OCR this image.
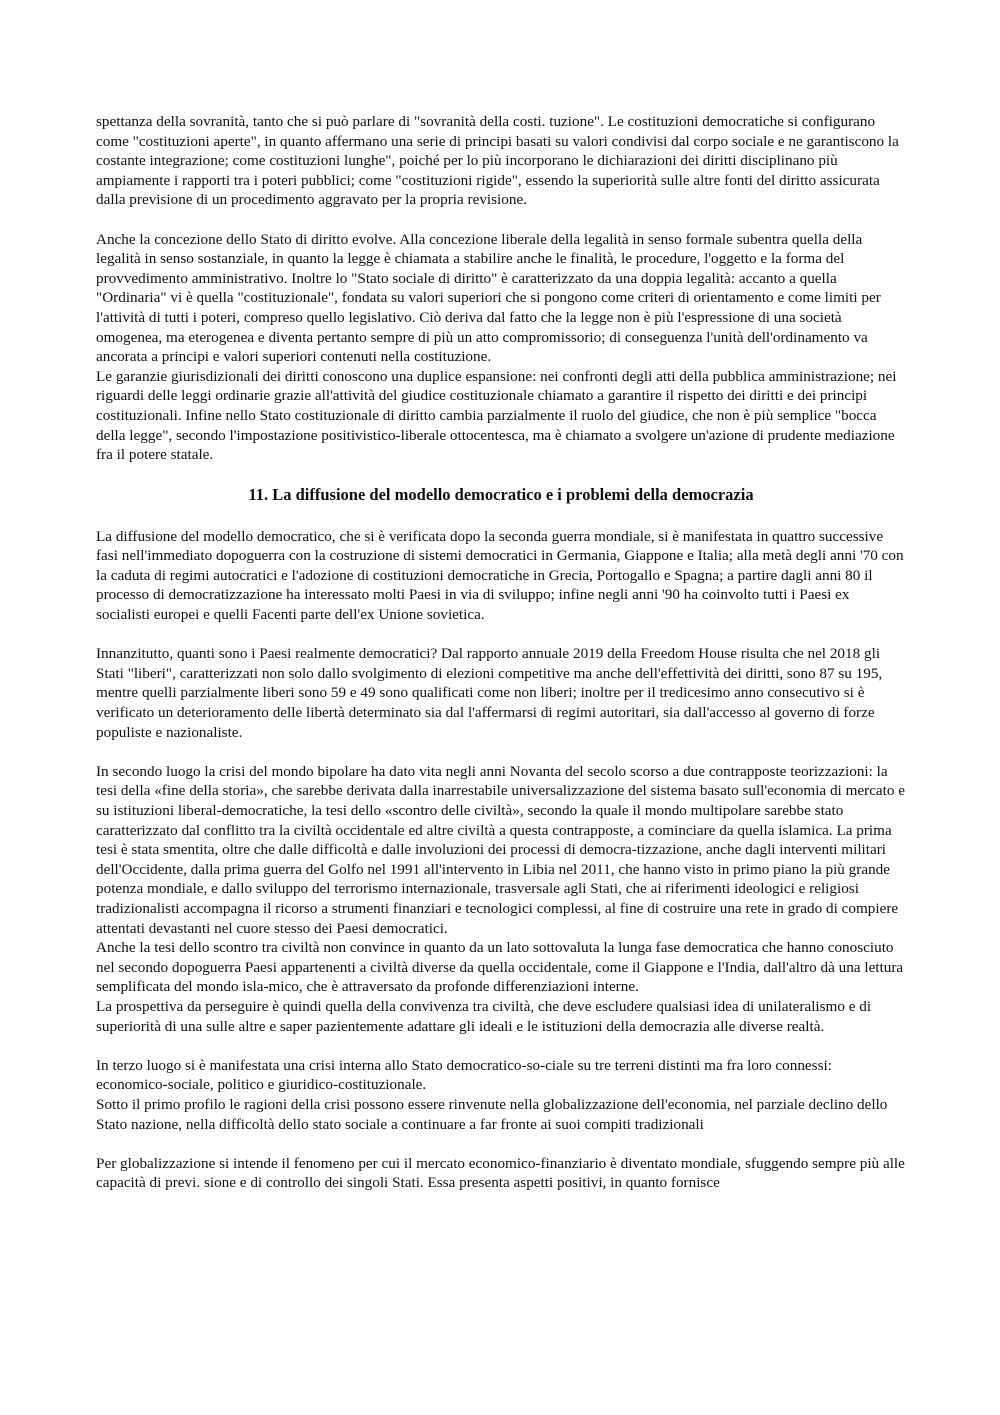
spettanza della sovranità, tanto che si può parlare di "sovranità della costi. tuzione". Le costituzioni democratiche si configurano come "costituzioni aperte", in quanto affermano una serie di principi basati su valori condivisi dal corpo sociale e ne garantiscono la costante integrazione; come costituzioni lunghe", poiché per lo più incorporano le dichiarazioni dei diritti disciplinano più ampiamente i rapporti tra i poteri pubblici; come "costituzioni rigide", essendo la superiorità sulle altre fonti del diritto assicurata dalla previsione di un procedimento aggravato per la propria revisione.

Anche la concezione dello Stato di diritto evolve. Alla concezione liberale della legalità in senso formale subentra quella della legalità in senso sostanziale, in quanto la legge è chiamata a stabilire anche le finalità, le procedure, l'oggetto e la forma del provvedimento amministrativo. Inoltre lo "Stato sociale di diritto" è caratterizzato da una doppia legalità: accanto a quella "Ordinaria" vi è quella "costituzionale", fondata su valori superiori che si pongono come criteri di orientamento e come limiti per l'attività di tutti i poteri, compreso quello legislativo. Ciò deriva dal fatto che la legge non è più l'espressione di una società omogenea, ma eterogenea e diventa pertanto sempre di più un atto compromissorio; di conseguenza l'unità dell'ordinamento va ancorata a principi e valori superiori contenuti nella costituzione.

Le garanzie giurisdizionali dei diritti conoscono una duplice espansione: nei confronti degli atti della pubblica amministrazione; nei riguardi delle leggi ordinarie grazie all'attività del giudice costituzionale chiamato a garantire il rispetto dei diritti e dei principi costituzionali. Infine nello Stato costituzionale di diritto cambia parzialmente il ruolo del giudice, che non è più semplice "bocca della legge", secondo l'impostazione positivistico-liberale ottocentesca, ma è chiamato a svolgere un'azione di prudente mediazione fra il potere statale.

11. La diffusione del modello democratico e i problemi della democrazia

La diffusione del modello democratico, che si è verificata dopo la seconda guerra mondiale, si è manifestata in quattro successive fasi nell'immediato dopoguerra con la costruzione di sistemi democratici in Germania, Giappone e Italia; alla metà degli anni '70 con la caduta di regimi autocratici e l'adozione di costituzioni democratiche in Grecia, Portogallo e Spagna; a partire dagli anni 80 il processo di democratizzazione ha interessato molti Paesi in via di sviluppo; infine negli anni '90 ha coinvolto tutti i Paesi ex socialisti europei e quelli Facenti parte dell'ex Unione sovietica.

Innanzitutto, quanti sono i Paesi realmente democratici? Dal rapporto annuale 2019 della Freedom House risulta che nel 2018 gli Stati "liberi", caratterizzati non solo dallo svolgimento di elezioni competitive ma anche dell'effettività dei diritti, sono 87 su 195, mentre quelli parzialmente liberi sono 59 e 49 sono qualificati come non liberi; inoltre per il tredicesimo anno consecutivo si è verificato un deterioramento delle libertà determinato sia dal l'affermarsi di regimi autoritari, sia dall'accesso al governo di forze populiste e nazionaliste.

In secondo luogo la crisi del mondo bipolare ha dato vita negli anni Novanta del secolo scorso a due contrapposte teorizzazioni: la tesi della «fine della storia», che sarebbe derivata dalla inarrestabile universalizzazione del sistema basato sull'economia di mercato e su istituzioni liberal-democratiche, la tesi dello «scontro delle civiltà», secondo la quale il mondo multipolare sarebbe stato caratterizzato dal conflitto tra la civiltà occidentale ed altre civiltà a questa contrapposte, a cominciare da quella islamica. La prima tesi è stata smentita, oltre che dalle difficoltà e dalle involuzioni dei processi di democra-tizzazione, anche dagli interventi militari dell'Occidente, dalla prima guerra del Golfo nel 1991 all'intervento in Libia nel 2011, che hanno visto in primo piano la più grande potenza mondiale, e dallo sviluppo del terrorismo internazionale, trasversale agli Stati, che ai riferimenti ideologici e religiosi tradizionalisti accompagna il ricorso a strumenti finanziari e tecnologici complessi, al fine di costruire una rete in grado di compiere attentati devastanti nel cuore stesso dei Paesi democratici.

Anche la tesi dello scontro tra civiltà non convince in quanto da un lato sottovaluta la lunga fase democratica che hanno conosciuto nel secondo dopoguerra Paesi appartenenti a civiltà diverse da quella occidentale, come il Giappone e l'India, dall'altro dà una lettura semplificata del mondo isla-mico, che è attraversato da profonde differenziazioni interne.

La prospettiva da perseguire è quindi quella della convivenza tra civiltà, che deve escludere qualsiasi idea di unilateralismo e di superiorità di una sulle altre e saper pazientemente adattare gli ideali e le istituzioni della democrazia alle diverse realtà.

In terzo luogo si è manifestata una crisi interna allo Stato democratico-so-ciale su tre terreni distinti ma fra loro connessi: economico-sociale, politico e giuridico-costituzionale.

Sotto il primo profilo le ragioni della crisi possono essere rinvenute nella globalizzazione dell'economia, nel parziale declino dello Stato nazione, nella difficoltà dello stato sociale a continuare a far fronte ai suoi compiti tradizionali

Per globalizzazione si intende il fenomeno per cui il mercato economico-finanziario è diventato mondiale, sfuggendo sempre più alle capacità di previ. sione e di controllo dei singoli Stati. Essa presenta aspetti positivi, in quanto fornisce
